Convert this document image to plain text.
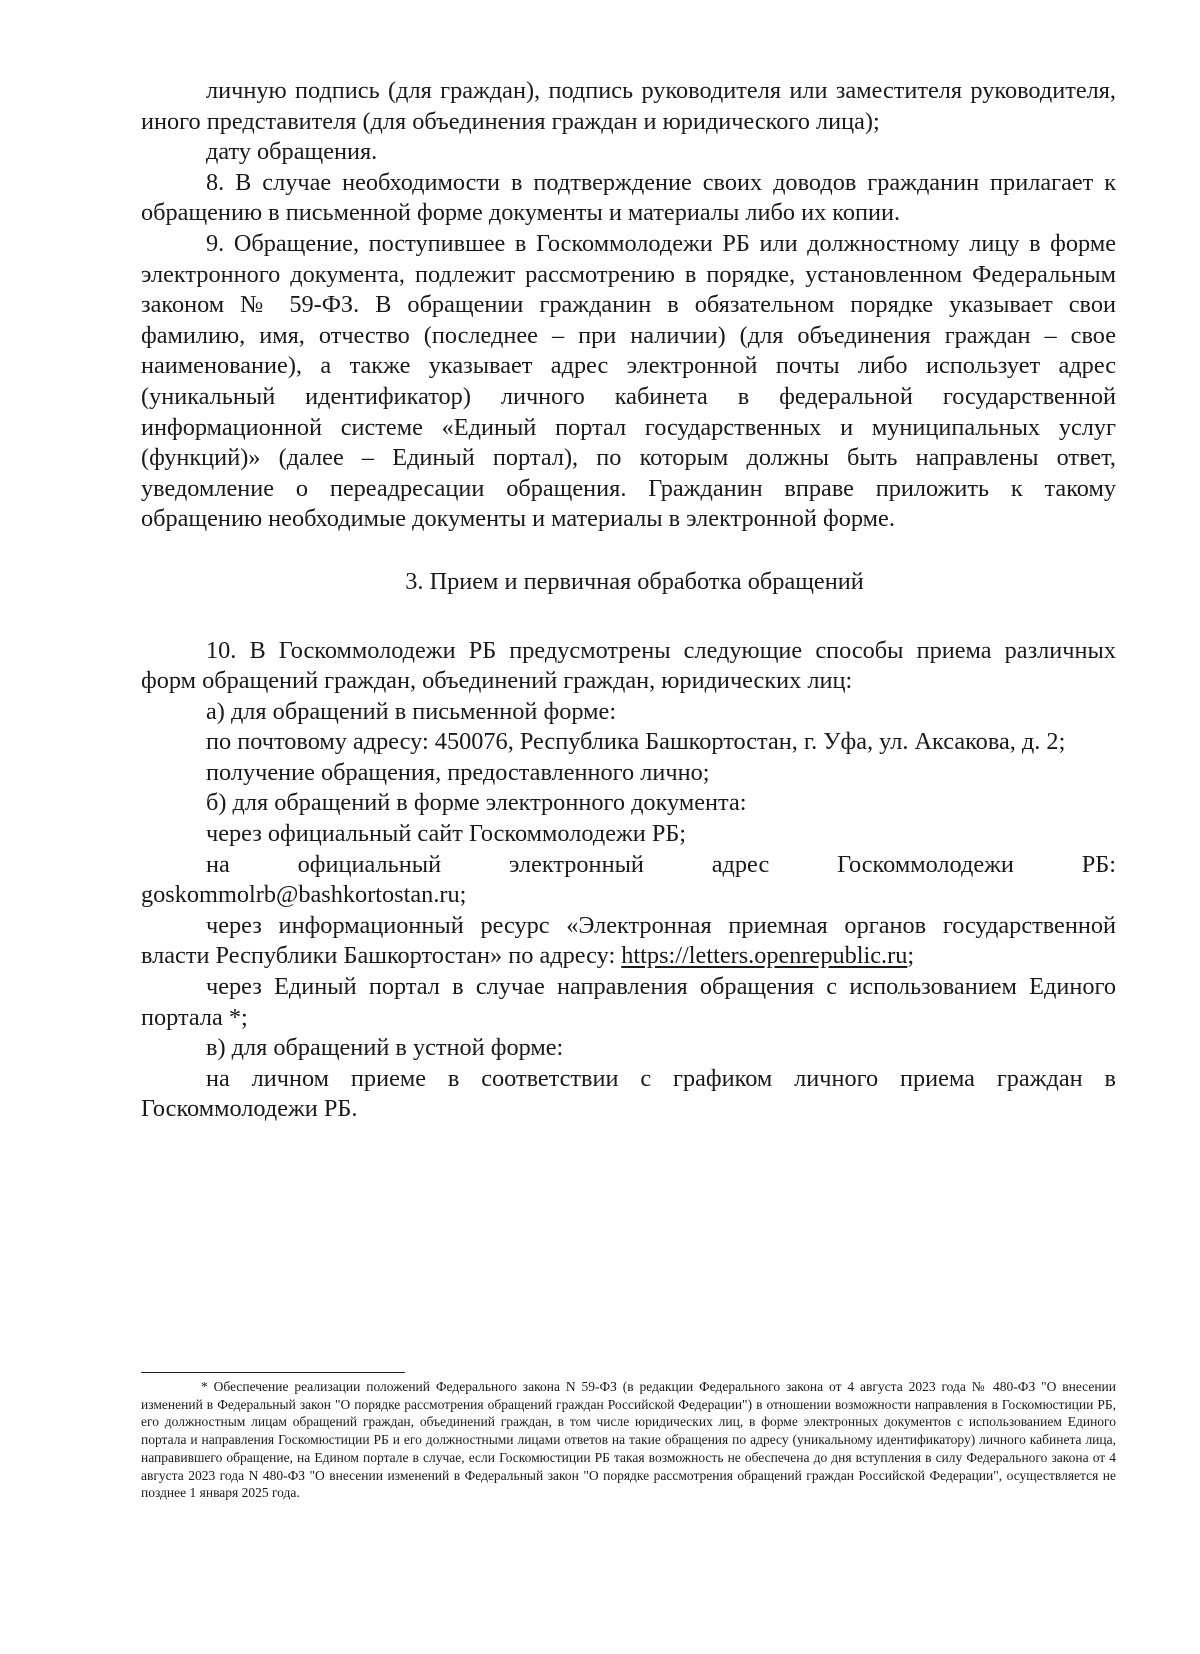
личную подпись (для граждан), подпись руководителя или заместителя руководителя, иного представителя (для объединения граждан и юридического лица);

дату обращения.

8. В случае необходимости в подтверждение своих доводов гражданин прилагает к обращению в письменной форме документы и материалы либо их копии.

9. Обращение, поступившее в Госкоммолодежи РБ или должностному лицу в форме электронного документа, подлежит рассмотрению в порядке, установленном Федеральным законом № 59-ФЗ. В обращении гражданин в обязательном порядке указывает свои фамилию, имя, отчество (последнее – при наличии) (для объединения граждан – свое наименование), а также указывает адрес электронной почты либо использует адрес (уникальный идентификатор) личного кабинета в федеральной государственной информационной системе «Единый портал государственных и муниципальных услуг (функций)» (далее – Единый портал), по которым должны быть направлены ответ, уведомление о переадресации обращения. Гражданин вправе приложить к такому обращению необходимые документы и материалы в электронной форме.

3. Прием и первичная обработка обращений

10. В Госкоммолодежи РБ предусмотрены следующие способы приема различных форм обращений граждан, объединений граждан, юридических лиц:

а) для обращений в письменной форме:

по почтовому адресу: 450076, Республика Башкортостан, г. Уфа, ул. Аксакова, д. 2;

получение обращения, предоставленного лично;

б) для обращений в форме электронного документа:

через официальный сайт Госкоммолодежи РБ;

на официальный электронный адрес Госкоммолодежи РБ: goskommolrb@bashkortostan.ru;

через информационный ресурс «Электронная приемная органов государственной власти Республики Башкортостан» по адресу: https://letters.openrepublic.ru;

через Единый портал в случае направления обращения с использованием Единого портала *;

в) для обращений в устной форме:

на личном приеме в соответствии с графиком личного приема граждан в Госкоммолодежи РБ.

* Обеспечение реализации положений Федерального закона N 59-ФЗ (в редакции Федерального закона от 4 августа 2023 года № 480-ФЗ "О внесении изменений в Федеральный закон "О порядке рассмотрения обращений граждан Российской Федерации") в отношении возможности направления в Госкомюстиции РБ, его должностным лицам обращений граждан, объединений граждан, в том числе юридических лиц, в форме электронных документов с использованием Единого портала и направления Госкомюстиции РБ и его должностными лицами ответов на такие обращения по адресу (уникальному идентификатору) личного кабинета лица, направившего обращение, на Едином портале в случае, если Госкомюстиции РБ такая возможность не обеспечена до дня вступления в силу Федерального закона от 4 августа 2023 года N 480-ФЗ "О внесении изменений в Федеральный закон "О порядке рассмотрения обращений граждан Российской Федерации", осуществляется не позднее 1 января 2025 года.
